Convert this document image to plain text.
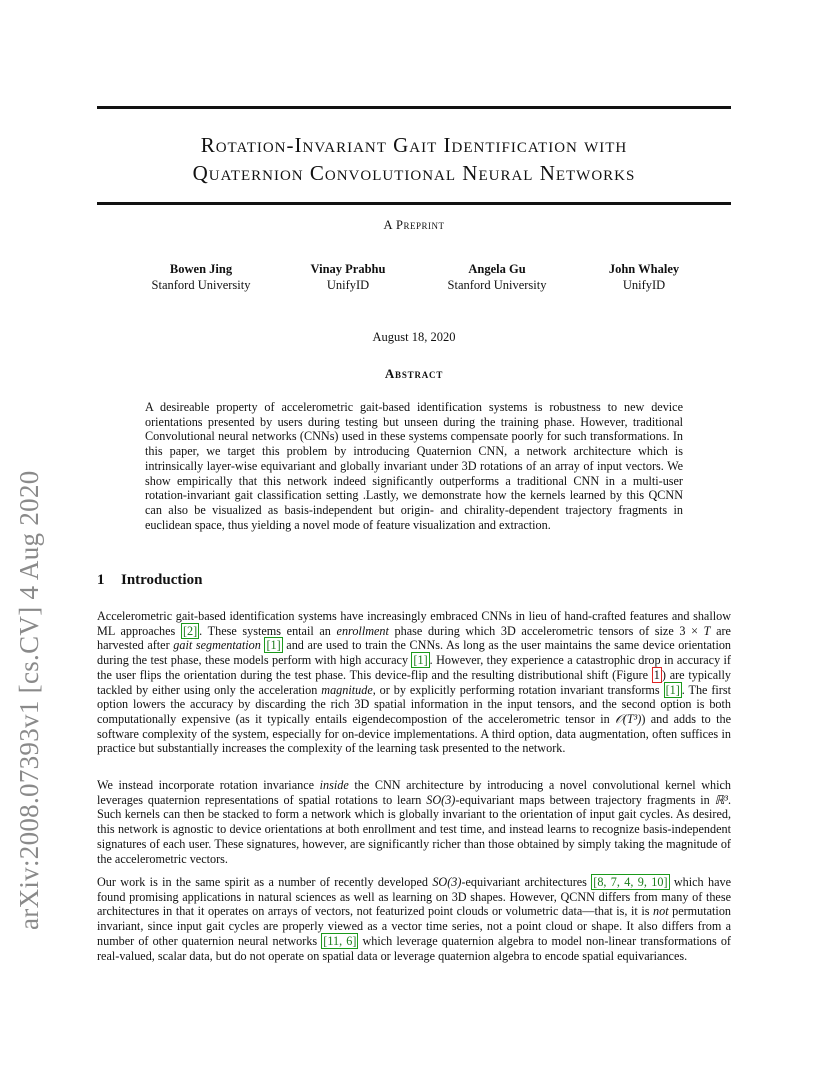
Rotation-Invariant Gait Identification with
Quaternion Convolutional Neural Networks
A Preprint
Bowen Jing
Stanford University
Vinay Prabhu
UnifyID
Angela Gu
Stanford University
John Whaley
UnifyID
August 18, 2020
Abstract
A desireable property of accelerometric gait-based identification systems is robustness to new device orientations presented by users during testing but unseen during the training phase. However, traditional Convolutional neural networks (CNNs) used in these systems compensate poorly for such transformations. In this paper, we target this problem by introducing Quaternion CNN, a network architecture which is intrinsically layer-wise equivariant and globally invariant under 3D rotations of an array of input vectors. We show empirically that this network indeed significantly outperforms a traditional CNN in a multi-user rotation-invariant gait classification setting .Lastly, we demonstrate how the kernels learned by this QCNN can also be visualized as basis-independent but origin- and chirality-dependent trajectory fragments in euclidean space, thus yielding a novel mode of feature visualization and extraction.
1 Introduction
Accelerometric gait-based identification systems have increasingly embraced CNNs in lieu of hand-crafted features and shallow ML approaches [2] . These systems entail an enrollment phase during which 3D accelerometric tensors of size 3 × T are harvested after gait segmentation [1] and are used to train the CNNs. As long as the user maintains the same device orientation during the test phase, these models perform with high accuracy [1] . However, they experience a catastrophic drop in accuracy if the user flips the orientation during the test phase. This device-flip and the resulting distributional shift (Figure 1 ) are typically tackled by either using only the acceleration magnitude, or by explicitly performing rotation invariant transforms [1] . The first option lowers the accuracy by discarding the rich 3D spatial information in the input tensors, and the second option is both computationally expensive (as it typically entails eigendecompostion of the accelerometric tensor in 𝒪(T³)) and adds to the software complexity of the system, especially for on-device implementations. A third option, data augmentation, often suffices in practice but substantially increases the complexity of the learning task presented to the network.
We instead incorporate rotation invariance inside the CNN architecture by introducing a novel convolutional kernel which leverages quaternion representations of spatial rotations to learn SO(3)-equivariant maps between trajectory fragments in ℝ³. Such kernels can then be stacked to form a network which is globally invariant to the orientation of input gait cycles. As desired, this network is agnostic to device orientations at both enrollment and test time, and instead learns to recognize basis-independent signatures of each user. These signatures, however, are significantly richer than those obtained by simply taking the magnitude of the accelerometric vectors.
Our work is in the same spirit as a number of recently developed SO(3)-equivariant architectures [8, 7, 4, 9, 10] which have found promising applications in natural sciences as well as learning on 3D shapes. However, QCNN differs from many of these architectures in that it operates on arrays of vectors, not featurized point clouds or volumetric data—that is, it is not permutation invariant, since input gait cycles are properly viewed as a vector time series, not a point cloud or shape. It also differs from a number of other quaternion neural networks [11, 6] which leverage quaternion algebra to model non-linear transformations of real-valued, scalar data, but do not operate on spatial data or leverage quaternion algebra to encode spatial equivariances.
arXiv:2008.07393v1 [cs.CV] 4 Aug 2020
